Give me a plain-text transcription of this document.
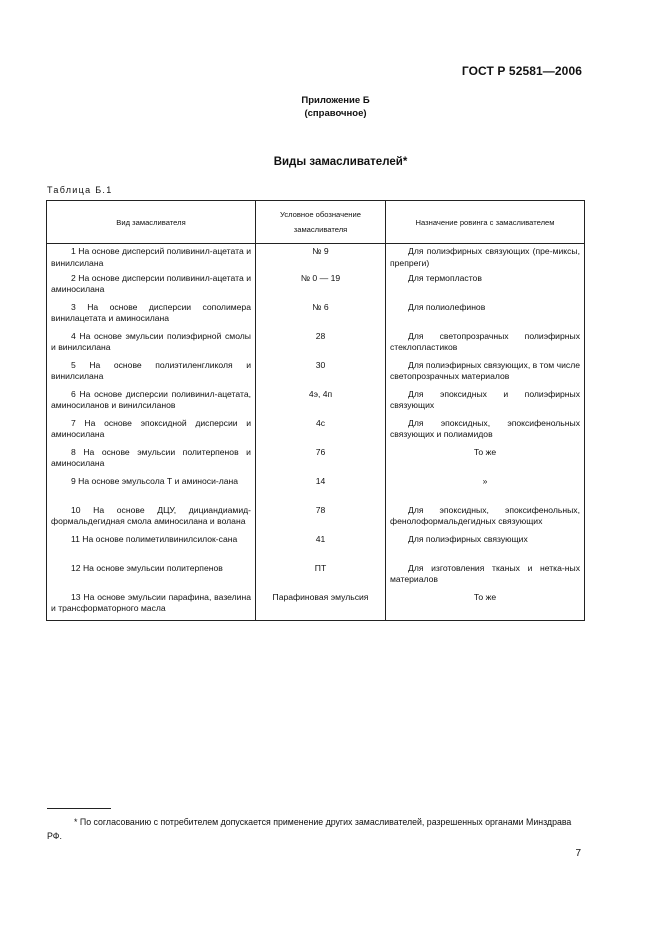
ГОСТ Р 52581—2006
Приложение Б
(справочное)
Виды замасливателей*
Таблица Б.1
Вид замасливателя	Условное обозначение замасливателя	Назначение ровинга с замасливателем

1 На основе дисперсий поливинил-ацетата и винилсилана	№ 9	Для полиэфирных связующих (пре-миксы, препреги)

2 На основе дисперсии поливинил-ацетата и аминосилана	№ 0 — 19	Для термопластов

3 На основе дисперсии сополимера винилацетата и аминосилана	№ 6	Для полиолефинов

4 На основе эмульсии полиэфирной смолы и винилсилана	28	Для светопрозрачных полиэфирных стеклопластиков

5 На основе полиэтиленгликоля и винилсилана	30	Для полиэфирных связующих, в том числе светопрозрачных материалов

6 На основе дисперсии поливинил-ацетата, аминосиланов и винилсиланов	4э, 4п	Для эпоксидных и полиэфирных связующих

7 На основе эпоксидной дисперсии и аминосилана	4с	Для эпоксидных, эпоксифенольных связующих и полиамидов

8 На основе эмульсии политерпенов и аминосилана	76	То же

9 На основе эмульсола Т и аминоси-лана	14	»

10 На основе ДЦУ, дициандиамид-формальдегидная смола аминосилана и волана	78	Для эпоксидных, эпоксифенольных, фенолоформальдегидных связующих

11 На основе полиметилвинилсилок-сана	41	Для полиэфирных связующих

12 На основе эмульсии политерпенов	ПТ	Для изготовления тканых и нетка-ных материалов

13 На основе эмульсии парафина, вазелина и трансформаторного масла	Парафиновая эмульсия	То же
* По согласованию с потребителем допускается применение других замасливателей, разрешенных органами Минздрава РФ.
7
